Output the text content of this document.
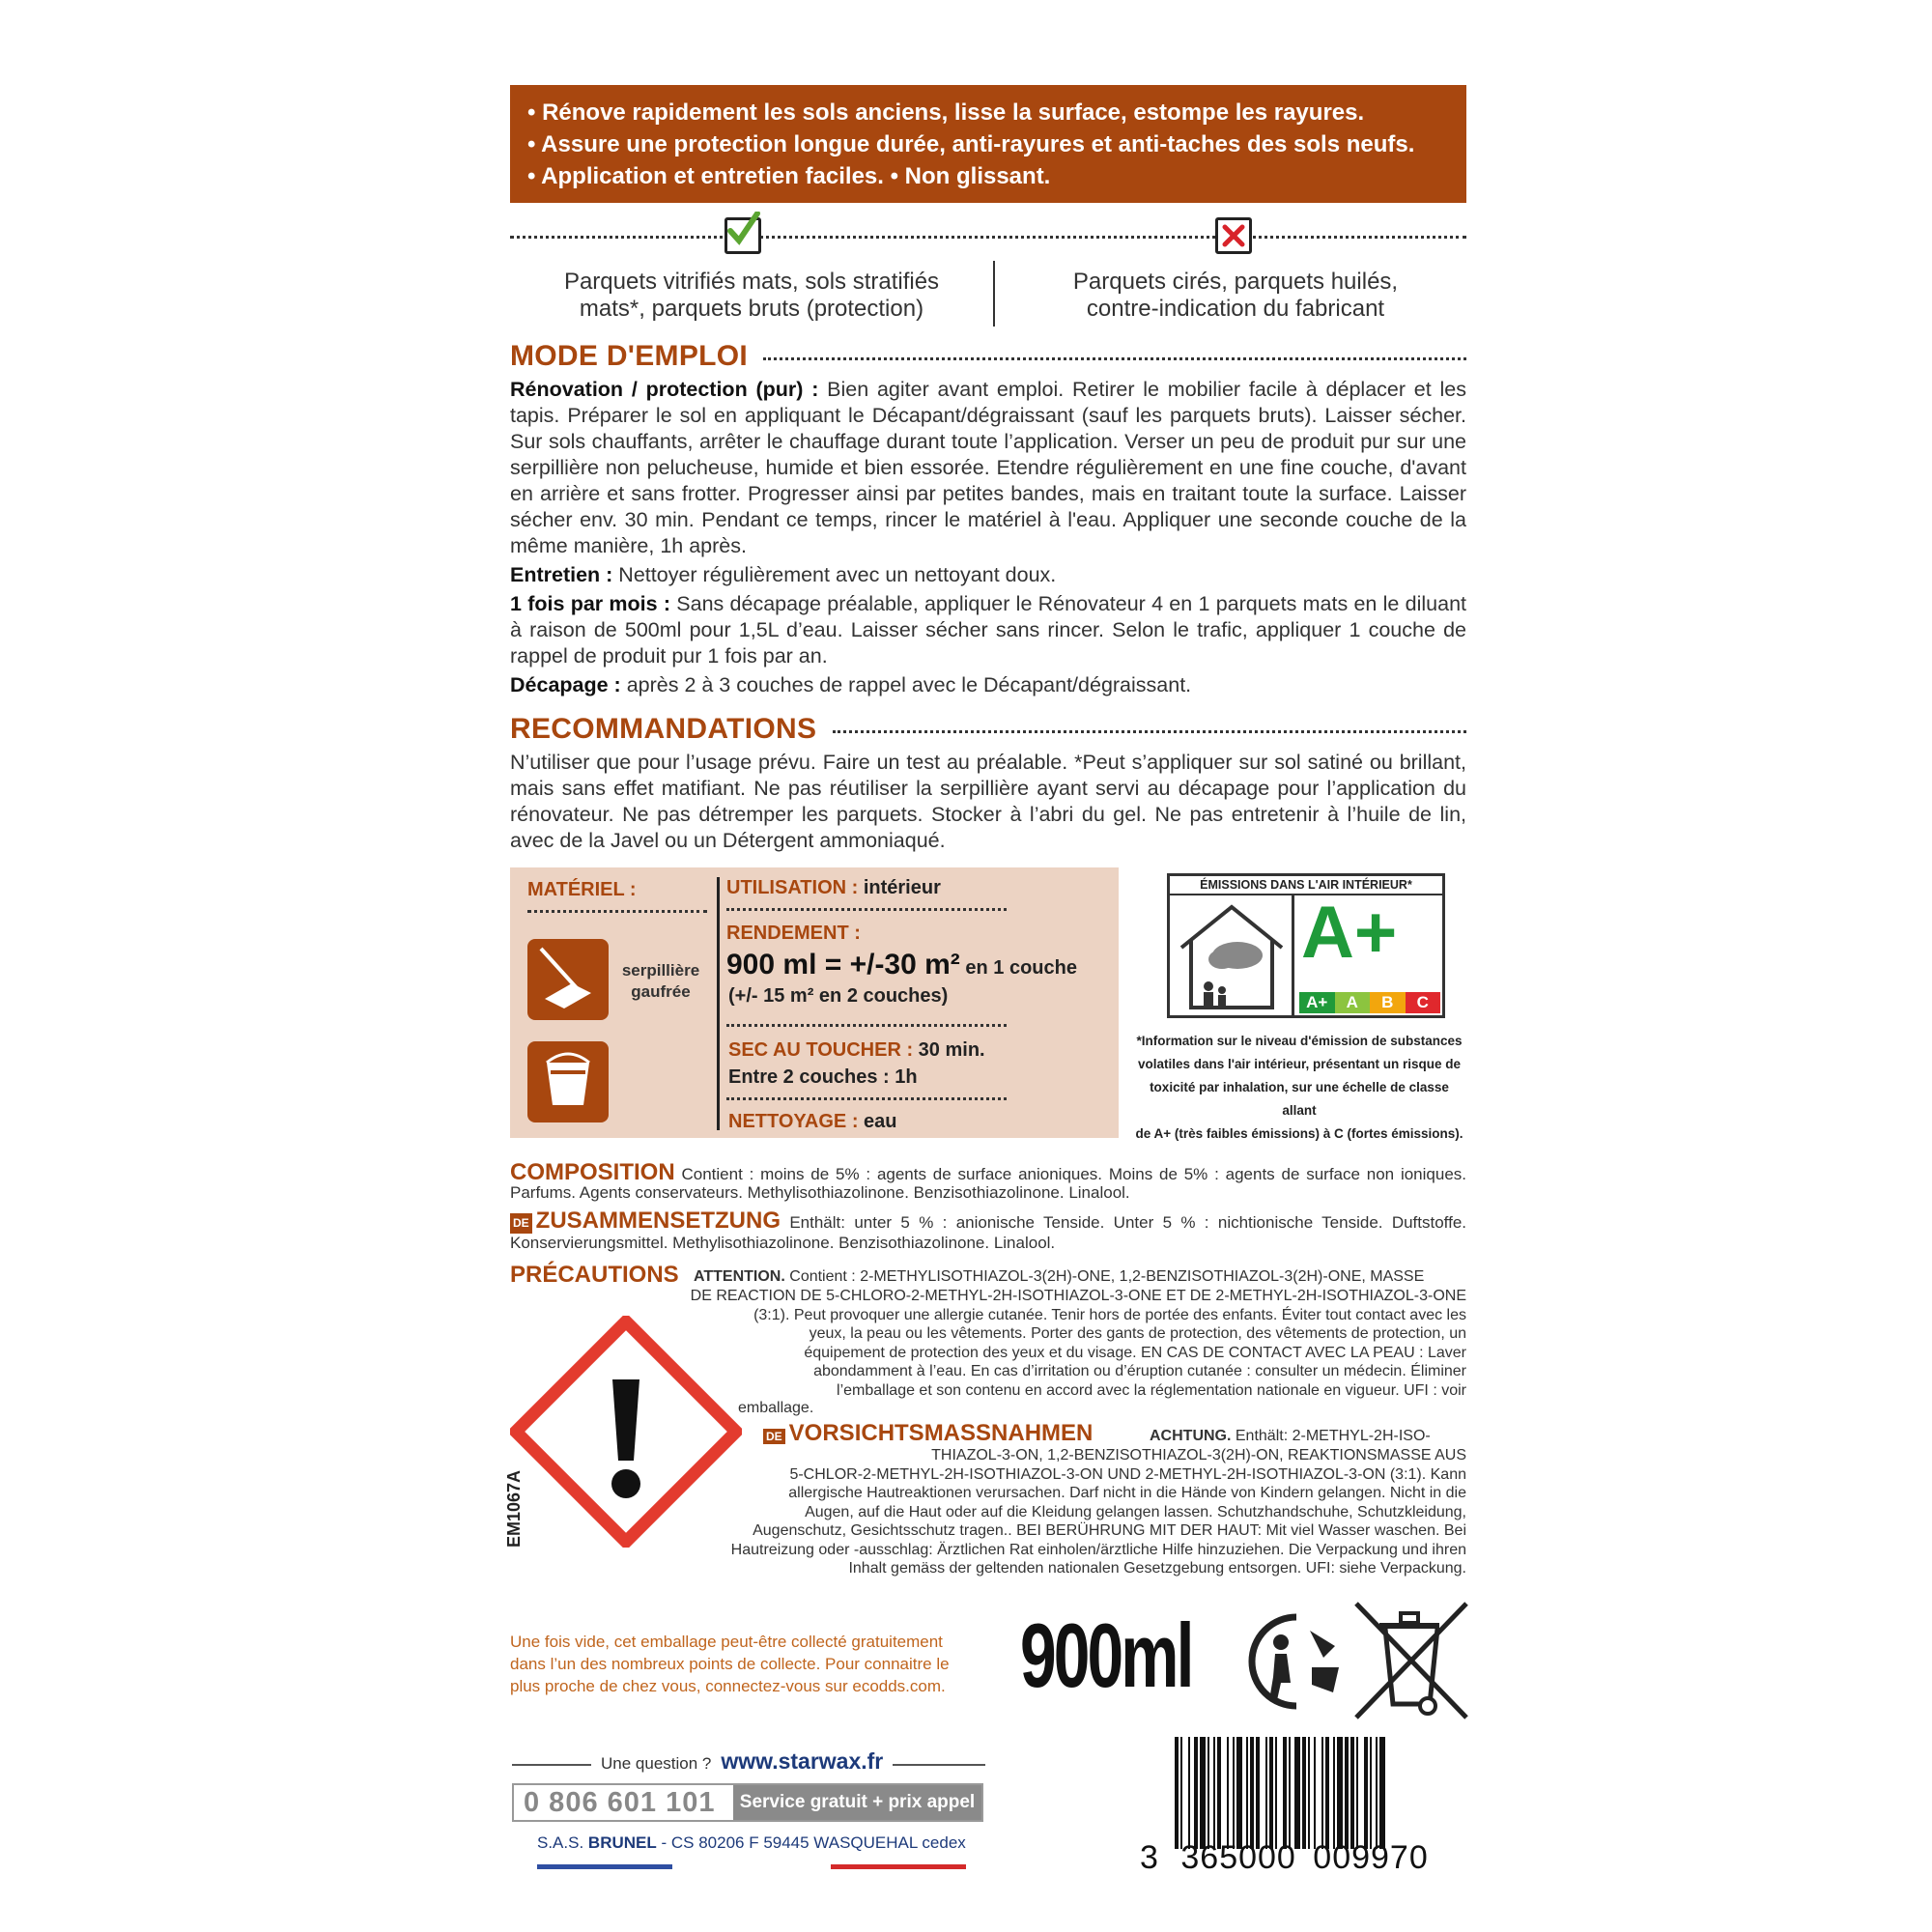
• Rénove rapidement les sols anciens, lisse la surface, estompe les rayures.
• Assure une protection longue durée, anti-rayures et anti-taches des sols neufs.
• Application et entretien faciles. • Non glissant.
Parquets vitrifiés mats, sols stratifiés
mats*, parquets bruts (protection)
Parquets cirés, parquets huilés,
contre-indication du fabricant
MODE D'EMPLOI

Rénovation / protection (pur) : Bien agiter avant emploi. Retirer le mobilier facile à déplacer et les tapis. Préparer le sol en appliquant le Décapant/dégraissant (sauf les parquets bruts). Laisser sécher. Sur sols chauffants, arrêter le chauffage durant toute l’application. Verser un peu de produit pur sur une serpillière non pelucheuse, humide et bien essorée. Etendre régulièrement en une fine couche, d'avant en arrière et sans frotter. Progresser ainsi par petites bandes, mais en traitant toute la surface. Laisser sécher env. 30 min. Pendant ce temps, rincer le matériel à l'eau. Appliquer une seconde couche de la même manière, 1h après.

Entretien : Nettoyer régulièrement avec un nettoyant doux.

1 fois par mois : Sans décapage préalable, appliquer le Rénovateur 4 en 1 parquets mats en le diluant à raison de 500ml pour 1,5L d’eau. Laisser sécher sans rincer. Selon le trafic, appliquer 1 couche de rappel de produit pur 1 fois par an.

Décapage : après 2 à 3 couches de rappel avec le Décapant/dégraissant.

RECOMMANDATIONS
N’utiliser que pour l’usage prévu. Faire un test au préalable. *Peut s’appliquer sur sol satiné ou brillant, mais sans effet matifiant. Ne pas réutiliser la serpillière ayant servi au décapage pour l’application du rénovateur. Ne pas détremper les parquets. Stocker à l’abri du gel. Ne pas entretenir à l’huile de lin, avec de la Javel ou un Détergent ammoniaqué.
MATÉRIEL :
serpillière
gaufrée
UTILISATION : intérieur
RENDEMENT :
900 ml = +/-30 m² en 1 couche
(+/- 15 m² en 2 couches)
SEC AU TOUCHER : 30 min.
Entre 2 couches : 1h
NETTOYAGE : eau
ÉMISSIONS DANS L'AIR INTÉRIEUR*
A+
A+	A	B	C
*Information sur le niveau d'émission de substances
volatiles dans l'air intérieur, présentant un risque de
toxicité par inhalation, sur une échelle de classe allant
de A+ (très faibles émissions) à C (fortes émissions).
COMPOSITION Contient : moins de 5% : agents de surface anioniques. Moins de 5% : agents de surface non ioniques. Parfums. Agents conservateurs. Methylisothiazolinone. Benzisothiazolinone. Linalool.
DE ZUSAMMENSETZUNG Enthält: unter 5 % : anionische Tenside. Unter 5 % : nichtionische Tenside. Duftstoffe. Konservierungsmittel. Methylisothiazolinone. Benzisothiazolinone. Linalool.
PRÉCAUTIONS ATTENTION. Contient : 2-METHYLISOTHIAZOL-3(2H)-ONE, 1,2-BENZISOTHIAZOL-3(2H)-ONE, MASSE
DE REACTION DE 5-CHLORO-2-METHYL-2H-ISOTHIAZOL-3-ONE ET DE 2-METHYL-2H-ISOTHIAZOL-3-ONE
(3:1). Peut provoquer une allergie cutanée. Tenir hors de portée des enfants. Éviter tout contact avec les
yeux, la peau ou les vêtements. Porter des gants de protection, des vêtements de protection, un
équipement de protection des yeux et du visage. EN CAS DE CONTACT AVEC LA PEAU : Laver
abondamment à l’eau. En cas d’irritation ou d’éruption cutanée : consulter un médecin. Éliminer
l’emballage et son contenu en accord avec la réglementation nationale en vigueur. UFI : voir
emballage.
EM1067A
DE VORSICHTSMASSNAHMEN	ACHTUNG. Enthält: 2-METHYL-2H-ISO-
THIAZOL-3-ON, 1,2-BENZISOTHIAZOL-3(2H)-ON, REAKTIONSMASSE AUS
5-CHLOR-2-METHYL-2H-ISOTHIAZOL-3-ON UND 2-METHYL-2H-ISOTHIAZOL-3-ON (3:1). Kann
allergische Hautreaktionen verursachen. Darf nicht in die Hände von Kindern gelangen. Nicht in die
Augen, auf die Haut oder auf die Kleidung gelangen lassen. Schutzhandschuhe, Schutzkleidung,
Augenschutz, Gesichtsschutz tragen.. BEI BERÜHRUNG MIT DER HAUT: Mit viel Wasser waschen. Bei
Hautreizung oder -ausschlag: Ärztlichen Rat einholen/ärztliche Hilfe hinzuziehen. Die Verpackung und ihren
Inhalt gemäss der geltenden nationalen Gesetzgebung entsorgen. UFI: siehe Verpackung.
Une fois vide, cet emballage peut-être collecté gratuitement
dans l’un des nombreux points de collecte. Pour connaitre le
plus proche de chez vous, connectez-vous sur ecodds.com. 900ml
Une question ? www.starwax.fr
0 806 601 101	Service gratuit + prix appel
S.A.S. BRUNEL - CS 80206 F 59445 WASQUEHAL cedex	3 365000 009970
